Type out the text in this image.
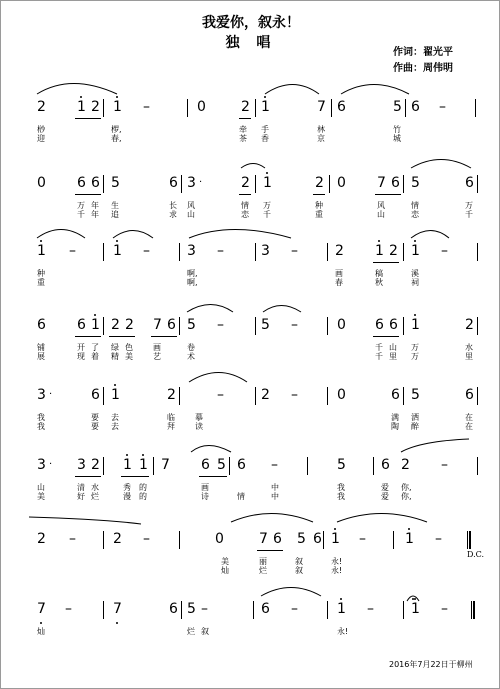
我爱你，叙永！
独 唱
作词：翟光平
作曲：周伟明
2 1 2 1 –	0	2 1	7 6	5 6 –
桫	椤,	牵 手	林	竹
迎	春,	茶 香	京	城
0 6 6 5	6 3 ·	2 1	2 0 7 6 5	6
万 年 生	长 风	情 万	种	风	情	万
千 年 追	求 山	恋 千	重	山	恋	千
1 –	1 –	3 –	3 –	2 1 2 1 –
种	啊,	画	稿	溪
重	啊,	春	秋	祠
6 6 1 2 2 7 6 5 –	5 –	0 6 6 1	2
铺	开 了 绿 色	画	卷	千 山 万	水
展	现 着 精 美	艺	术	千 里 万	里
3 ·	6 1	2	–	2 –	0	6 5	6
我	要 去	临	摹	满 洒	在
我	要 去	拜	读	陶 醉	在
3 · 3 2 1 1 7 6 5 6 –	5	6 2 –
山	清 水	秀 的	画	中	我	爱 你,
美	好 烂	漫 的	诗	情	中	我	爱 你,
2 –	2 –	0	7 6 5 6 1 –	1 –
美	丽	叙	永!
灿	烂	叙	永!
7 –	7	6 5 –	6 –	1 –	1 –
灿	烂 叙	永!
D.C.
2016年7月22日于柳州
